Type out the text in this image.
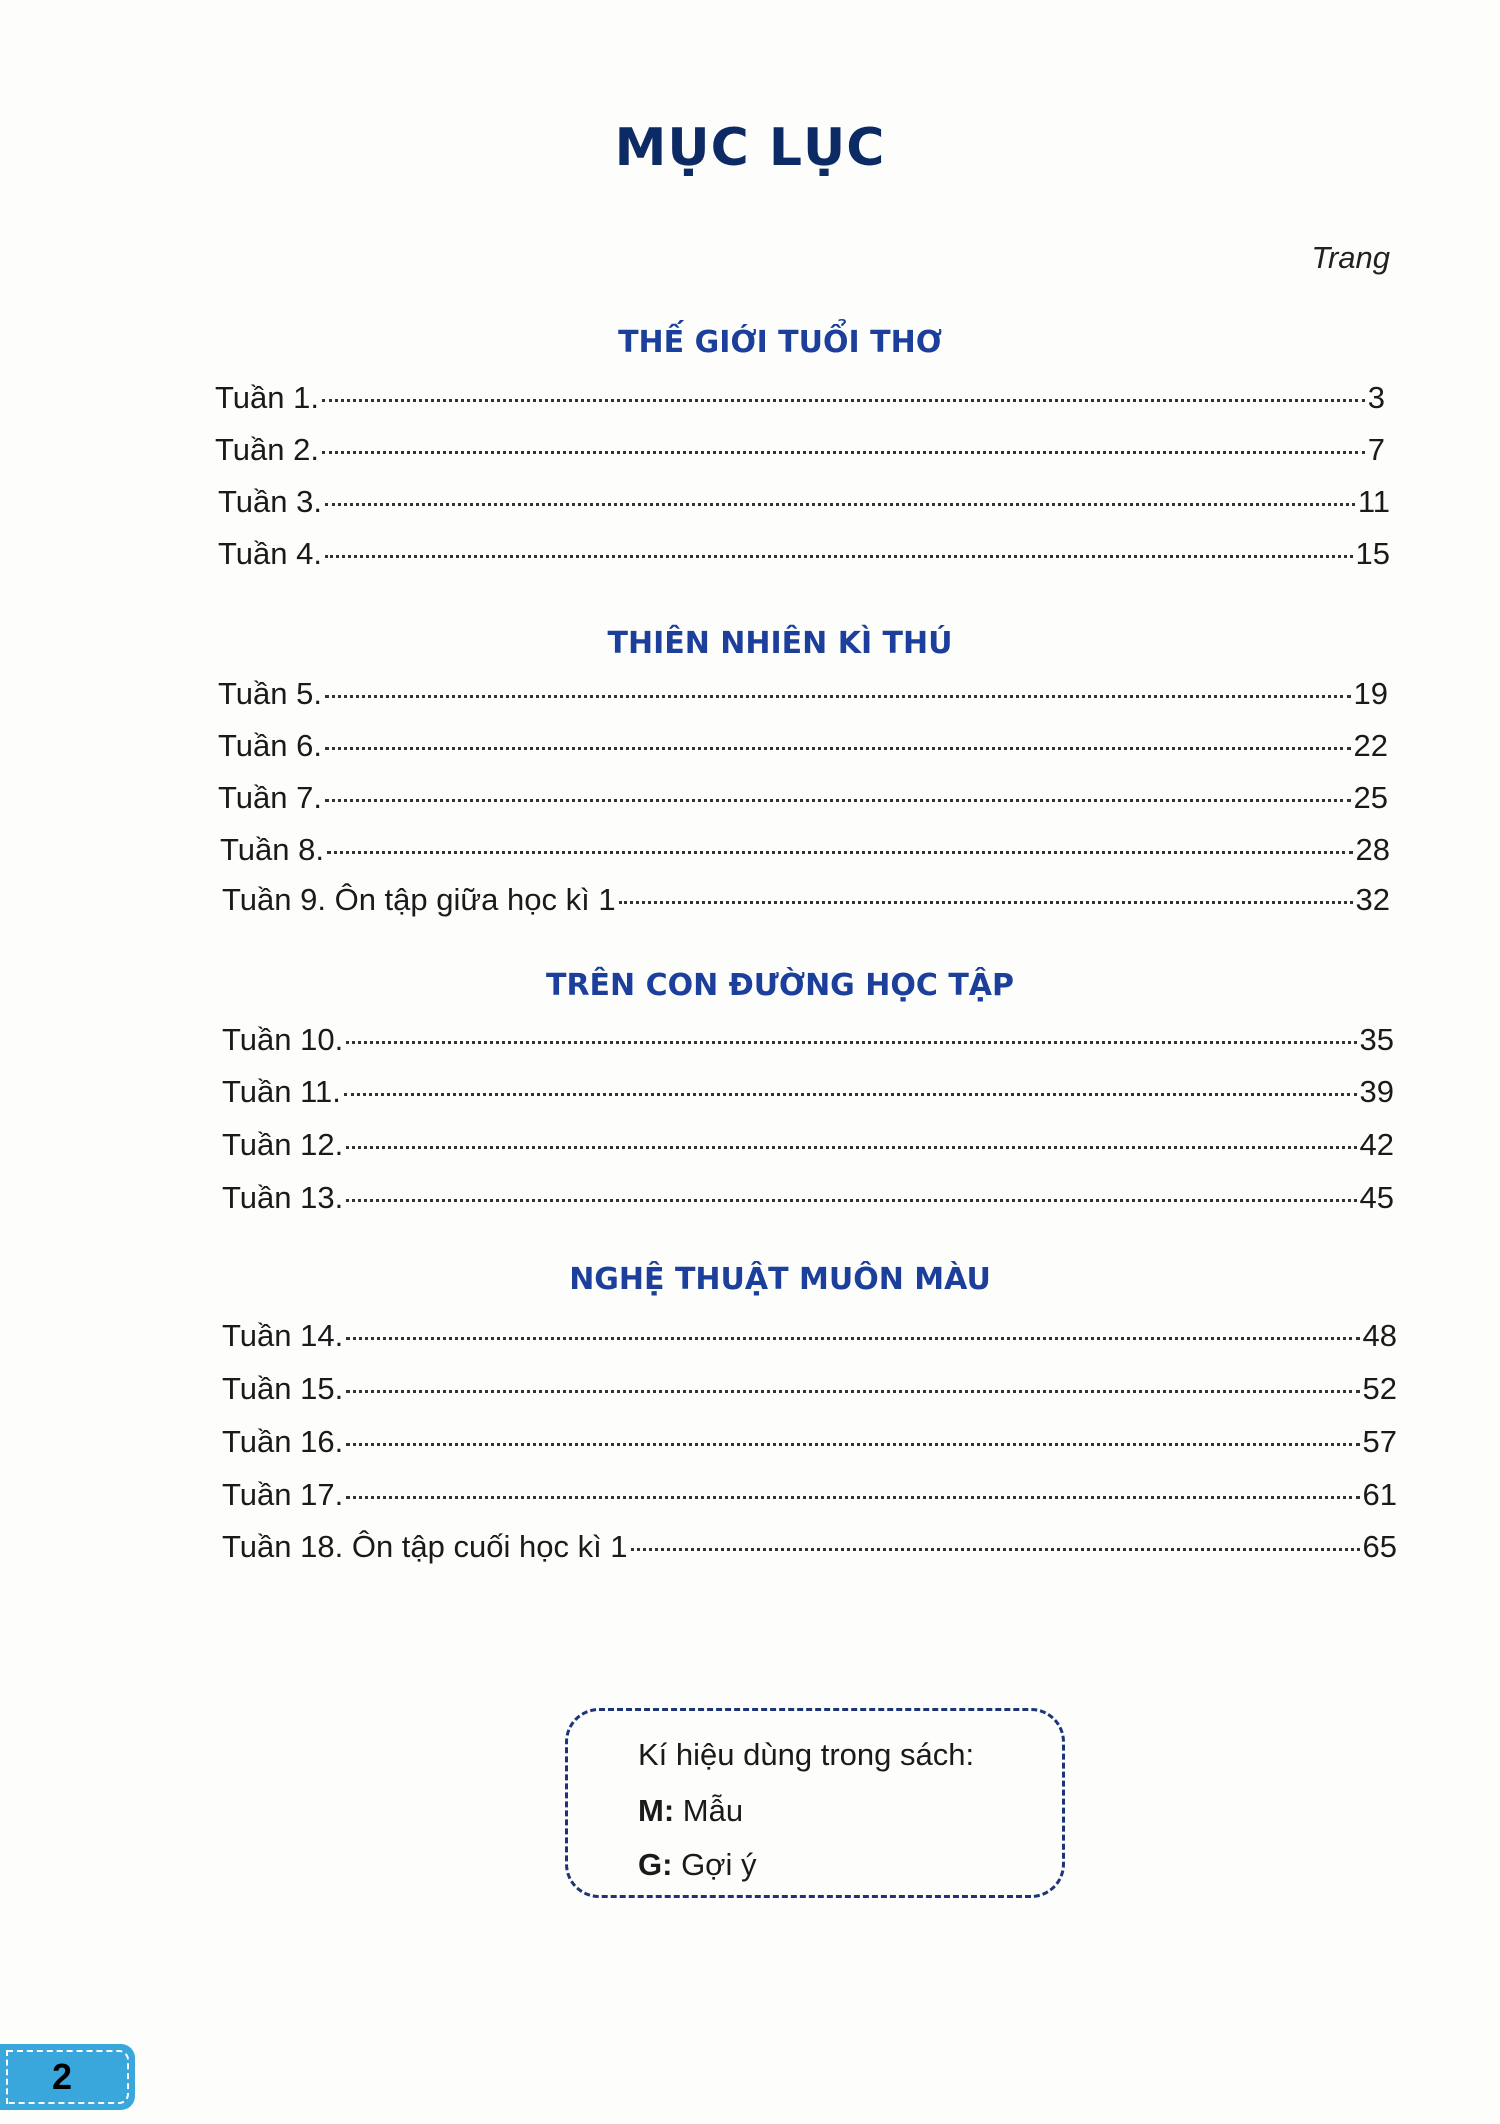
MỤC LỤC
Trang
THẾ GIỚI TUỔI THƠ
Tuần 1.	3
Tuần 2.	7
Tuần 3.	11
Tuần 4.	15
THIÊN NHIÊN KÌ THÚ
Tuần 5.	19
Tuần 6.	22
Tuần 7.	25
Tuần 8.	28
Tuần 9. Ôn tập giữa học kì 1	32
TRÊN CON ĐƯỜNG HỌC TẬP
Tuần 10.	35
Tuần 11.	39
Tuần 12.	42
Tuần 13.	45
NGHỆ THUẬT MUÔN MÀU
Tuần 14.	48
Tuần 15.	52
Tuần 16.	57
Tuần 17.	61
Tuần 18. Ôn tập cuối học kì 1	65
Kí hiệu dùng trong sách:
M: Mẫu
G: Gợi ý
2
